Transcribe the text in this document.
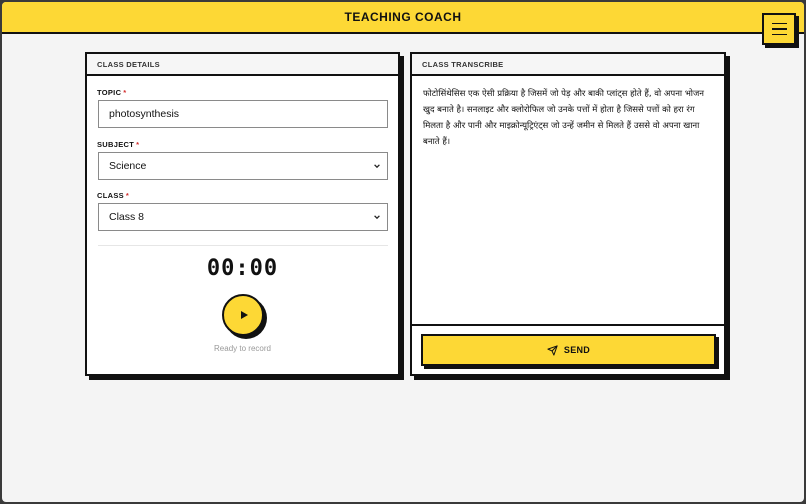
TEACHING COACH
CLASS DETAILS
TOPIC *
photosynthesis
SUBJECT *
Science
CLASS *
Class 8
00:00
Ready to record
CLASS TRANSCRIBE
फोटोसिंथेसिस एक ऐसी प्रक्रिया है जिसमें जो पेड़ और बाकी प्लांट्स होते हैं, वो अपना भोजन खुद बनाते है। सनलाइट और क्लोरोफिल जो उनके पत्तों में होता है जिससे पत्तों को हरा रंग मिलता है और पानी और माइक्रोन्यूट्रिएंट्स जो उन्हें जमीन से मिलते हैं उससे वो अपना खाना बनाते हैं।
SEND
